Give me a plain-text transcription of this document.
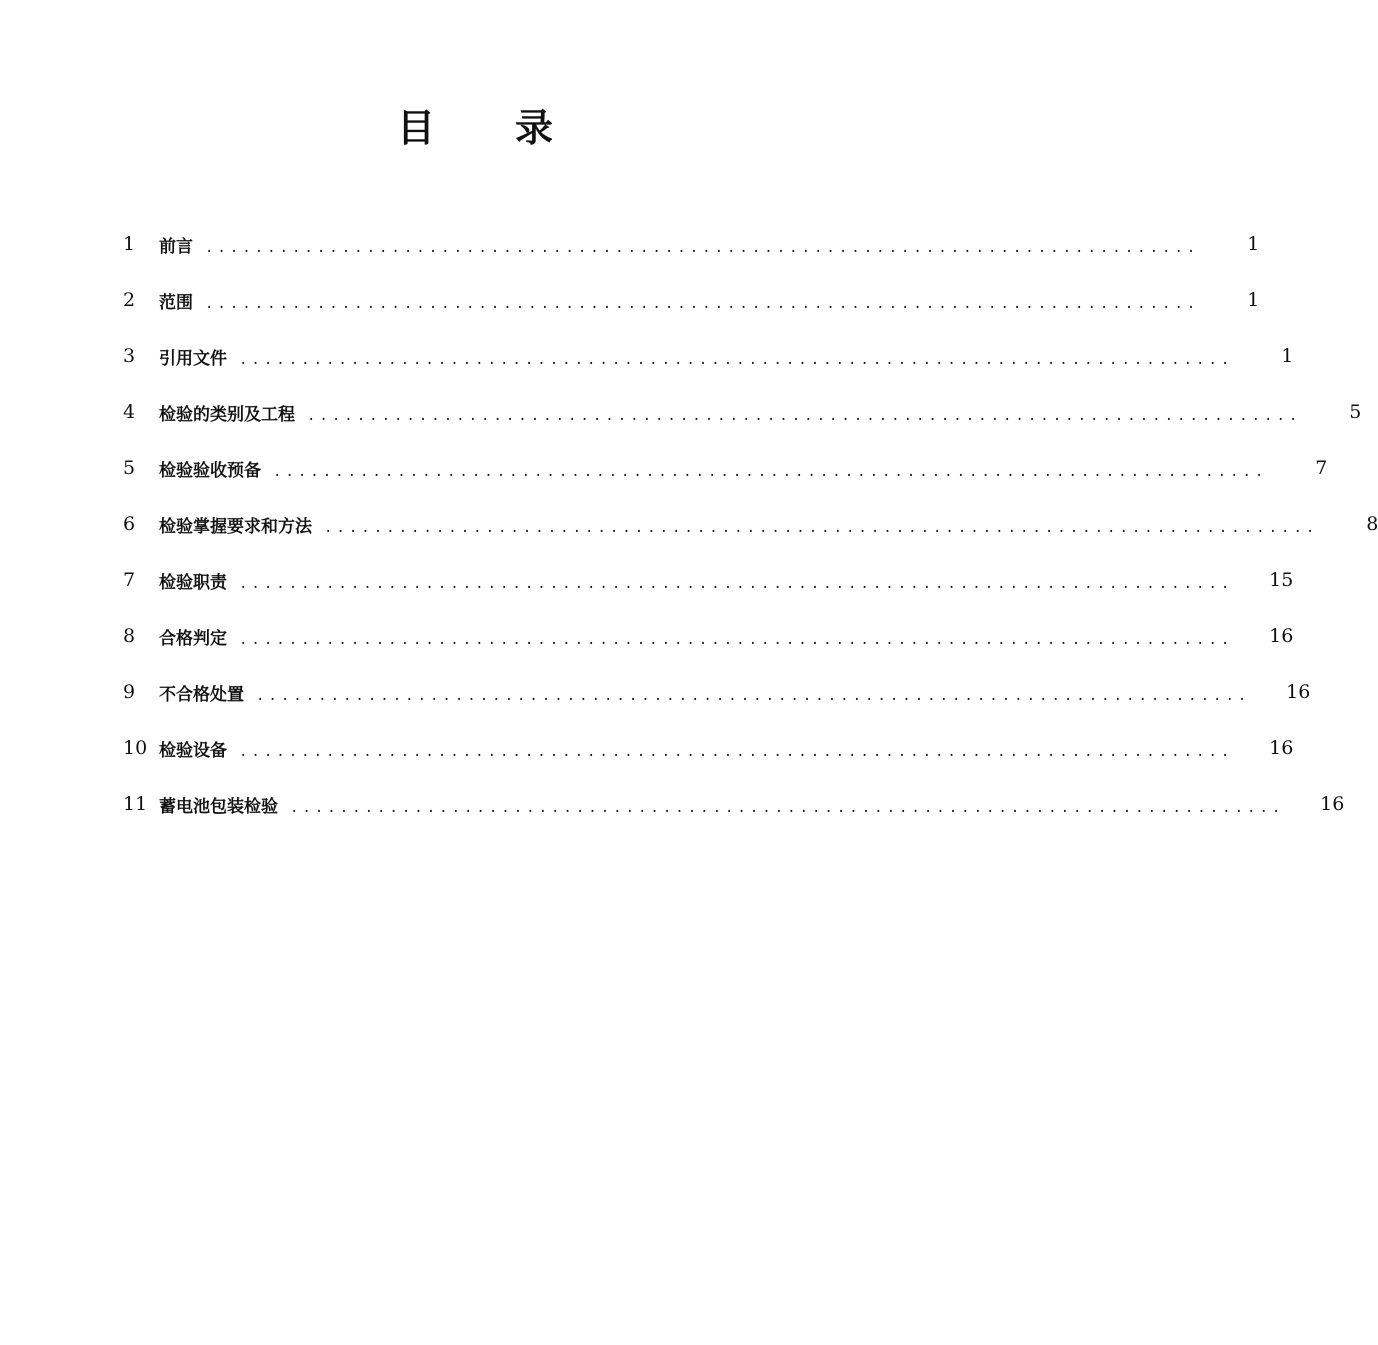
目 录
1	前言 ................................................................................	1
2	范围 ................................................................................	1
3	引用文件 ................................................................................	1
4	检验的类别及工程 ................................................................................	5
5	检验验收预备 ................................................................................	7
6	检验掌握要求和方法 ................................................................................	8
7	检验职责 ................................................................................	15
8	合格判定 ................................................................................	16
9	不合格处置 ................................................................................	16
10 检验设备 ................................................................................	16
11 蓄电池包装检验 ................................................................................	16
